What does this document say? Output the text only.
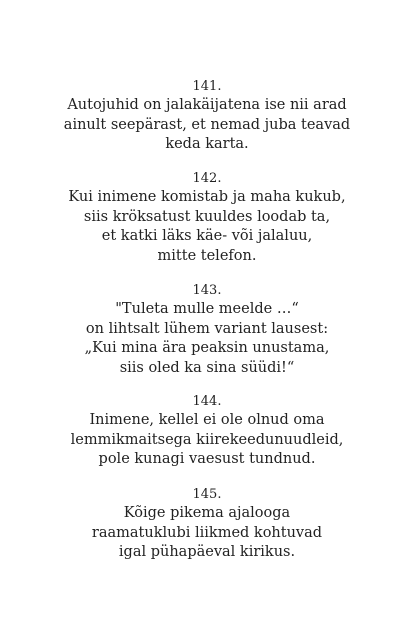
141.
Autojuhid on jalakäijatena ise nii arad
ainult seepärast, et nemad juba teavad
keda karta.
142.
Kui inimene komistab ja maha kukub,
siis kröksatust kuuldes loodab ta,
et katki läks käe- või jalaluu,
mitte telefon.
143.
"Tuleta mulle meelde …“
on lihtsalt lühem variant lausest:
„Kui mina ära peaksin unustama,
siis oled ka sina süüdi!“
144.
Inimene, kellel ei ole olnud oma
lemmikmaitsega kiirekeedunuudleid,
pole kunagi vaesust tundnud.
145.
Kõige pikema ajalooga
raamatuklubi liikmed kohtuvad
igal pühapäeval kirikus.
